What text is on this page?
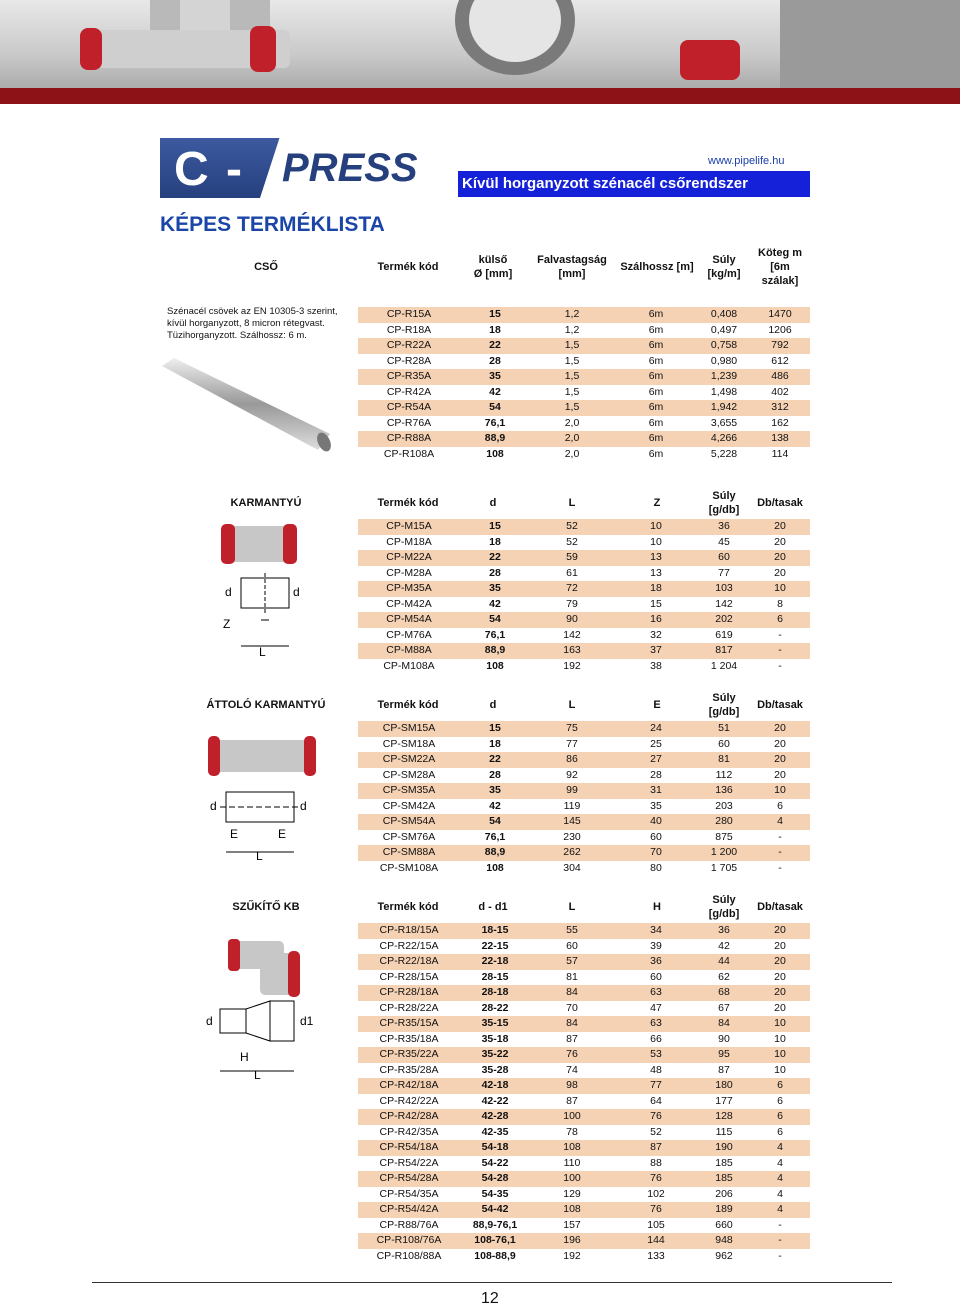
C - PRESS	www.pipelife.hu
Kívül horganyzott szénacél csőrendszer
KÉPES TERMÉKLISTA
CSŐ	Termék kód
külső
Ø [mm]
Falvastagság
[mm]
Szálhossz [m]
Súly
[kg/m]
Köteg m
[6m
szálak]
CP-R15A	15	1,2	6m	0,408	1470
CP-R18A	18	1,2	6m	0,497	1206
CP-R22A	22	1,5	6m	0,758	792
CP-R28A	28	1,5	6m	0,980	612
CP-R35A	35	1,5	6m	1,239	486
CP-R42A	42	1,5	6m	1,498	402
CP-R54A	54	1,5	6m	1,942	312
CP-R76A	76,1	2,0	6m	3,655	162
CP-R88A	88,9	2,0	6m	4,266	138
CP-R108A	108	2,0	6m	5,228	114
KARMANTYÚ	Termék kód	d	L	Z
Súly
[g/db]
Db/tasak
CP-M15A	15	52	10	36	20
CP-M18A	18	52	10	45	20
CP-M22A	22	59	13	60	20
CP-M28A	28	61	13	77	20
CP-M35A	35	72	18	103	10
CP-M42A	42	79	15	142	8
CP-M54A	54	90	16	202	6
CP-M76A	76,1	142	32	619	-
CP-M88A	88,9	163	37	817	-
CP-M108A	108	192	38	1 204	-
ÁTTOLÓ KARMANTYÚ	Termék kód	d	L	E
Súly
[g/db]
Db/tasak
CP-SM15A	15	75	24	51	20
CP-SM18A	18	77	25	60	20
CP-SM22A	22	86	27	81	20
CP-SM28A	28	92	28	112	20
CP-SM35A	35	99	31	136	10
CP-SM42A	42	119	35	203	6
CP-SM54A	54	145	40	280	4
CP-SM76A	76,1	230	60	875	-
CP-SM88A	88,9	262	70	1 200	-
CP-SM108A	108	304	80	1 705	-
SZŰKÍTŐ KB	Termék kód	d - d1	L	H
Súly
[g/db]
Db/tasak
CP-R18/15A	18-15	55	34	36	20
CP-R22/15A	22-15	60	39	42	20
CP-R22/18A	22-18	57	36	44	20
CP-R28/15A	28-15	81	60	62	20
CP-R28/18A	28-18	84	63	68	20
CP-R28/22A	28-22	70	47	67	20
CP-R35/15A	35-15	84	63	84	10
CP-R35/18A	35-18	87	66	90	10
CP-R35/22A	35-22	76	53	95	10
CP-R35/28A	35-28	74	48	87	10
CP-R42/18A	42-18	98	77	180	6
CP-R42/22A	42-22	87	64	177	6
CP-R42/28A	42-28	100	76	128	6
CP-R42/35A	42-35	78	52	115	6
CP-R54/18A	54-18	108	87	190	4
CP-R54/22A	54-22	110	88	185	4
CP-R54/28A	54-28	100	76	185	4
CP-R54/35A	54-35	129	102	206	4
CP-R54/42A	54-42	108	76	189	4
CP-R88/76A	88,9-76,1	157	105	660	-
CP-R108/76A	108-76,1	196	144	948	-
CP-R108/88A	108-88,9	192	133	962	-
Szénacél csövek az EN 10305-3 szerint, kívül horganyzott, 8 micron rétegvast. Tüzihorganyzott. Szálhossz: 6 m.
d	d
Z
L
d	d
E	E
L
d	d1
H
L
12
